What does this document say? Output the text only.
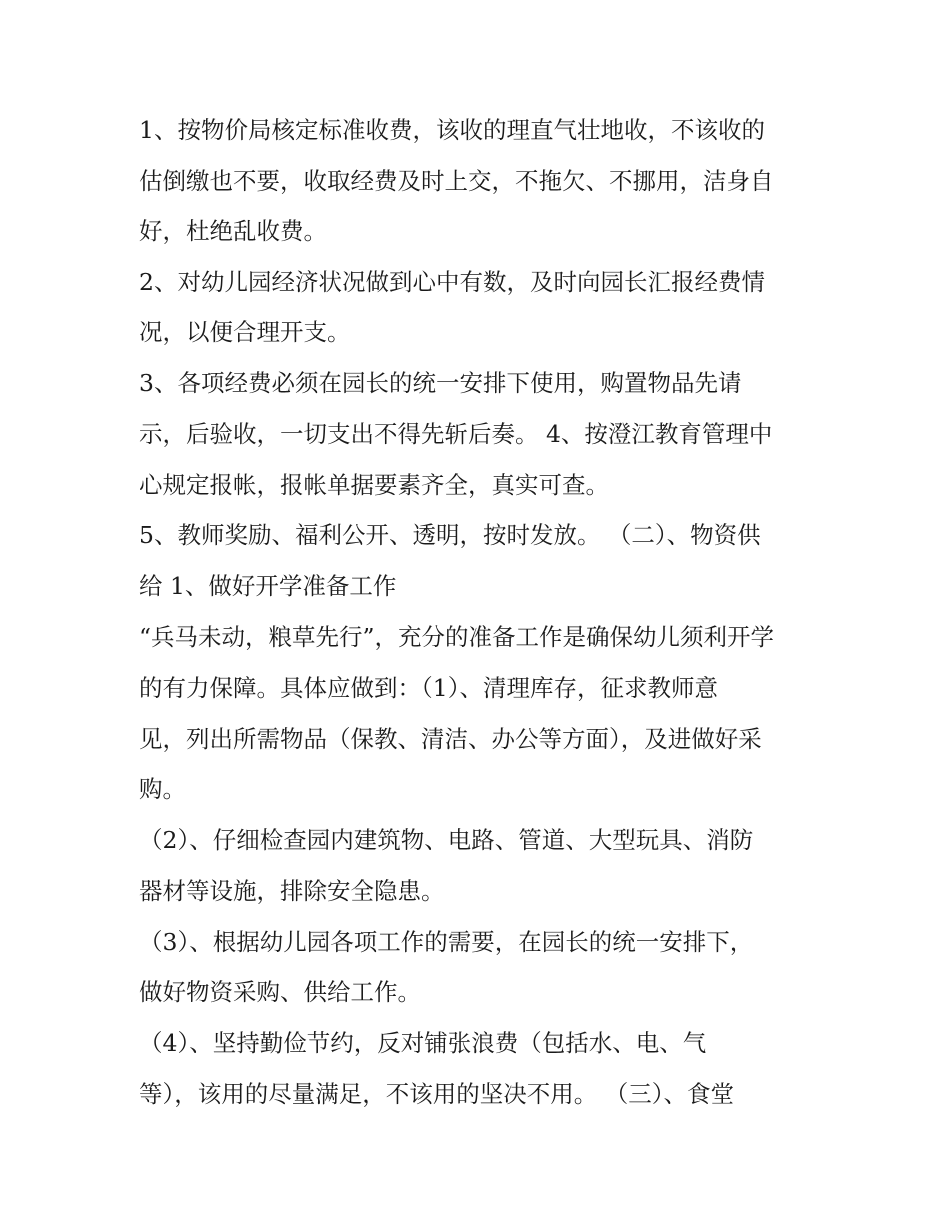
1、按物价局核定标准收费，该收的理直气壮地收，不该收的
估倒缴也不要，收取经费及时上交，不拖欠、不挪用，洁身自
好，杜绝乱收费。
2、对幼儿园经济状况做到心中有数，及时向园长汇报经费情
况，以便合理开支。
3、各项经费必须在园长的统一安排下使用，购置物品先请
示，后验收，一切支出不得先斩后奏。 4、按澄江教育管理中
心规定报帐，报帐单据要素齐全，真实可查。
5、教师奖励、福利公开、透明，按时发放。 （二）、物资供
给 1、做好开学准备工作
“兵马未动，粮草先行”，充分的准备工作是确保幼儿须利开学
的有力保障。具体应做到：（1）、清理库存，征求教师意
见，列出所需物品（保教、清洁、办公等方面），及进做好采
购。
（2）、仔细检查园内建筑物、电路、管道、大型玩具、消防
器材等设施，排除安全隐患。
（3）、根据幼儿园各项工作的需要，在园长的统一安排下，
做好物资采购、供给工作。
（4）、坚持勤俭节约，反对铺张浪费（包括水、电、气
等），该用的尽量满足，不该用的坚决不用。 （三）、食堂
